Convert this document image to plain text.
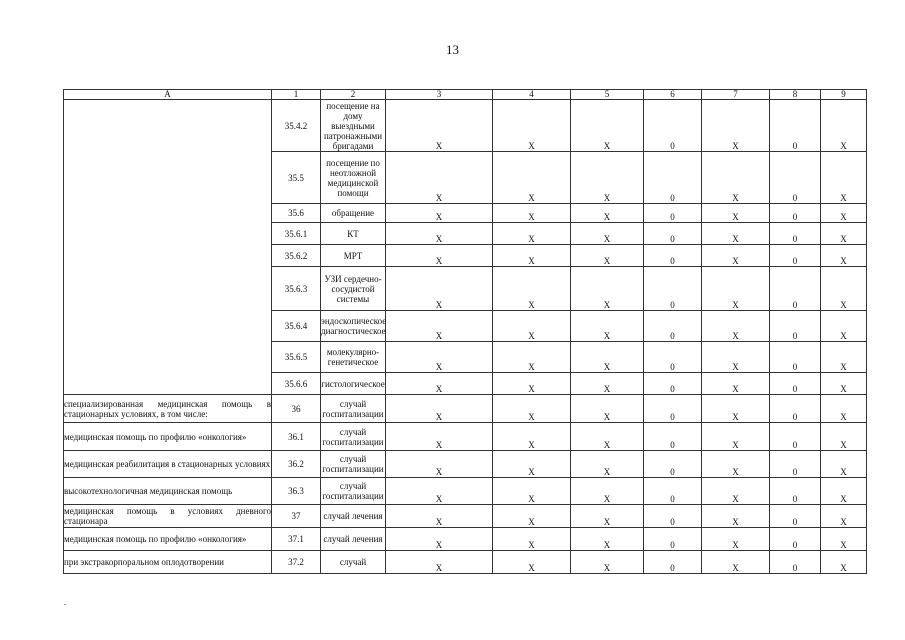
13
А	1	2	3	4	5	6	7	8	9
	35.4.2	посещение на дому выездными патронажными бригадами	Х	Х	Х	0	Х	0	Х
	35.5	посещение по неотложной медицинской помощи	Х	Х	Х	0	Х	0	Х
	35.6	обращение	Х	Х	Х	0	Х	0	Х
	35.6.1	КТ	Х	Х	Х	0	Х	0	Х
	35.6.2	МРТ	Х	Х	Х	0	Х	0	Х
	35.6.3	УЗИ сердечно-сосудистой системы	Х	Х	Х	0	Х	0	Х
	35.6.4	эндоскопическое диагностическое	Х	Х	Х	0	Х	0	Х
	35.6.5	молекулярно-генетическое	Х	Х	Х	0	Х	0	Х
	35.6.6	гистологическое	Х	Х	Х	0	Х	0	Х
специализированная медицинская помощь в стационарных условиях, в том числе:	36	случай госпитализации	Х	Х	Х	0	Х	0	Х
медицинская помощь по профилю «онкология»	36.1	случай госпитализации	Х	Х	Х	0	Х	0	Х
медицинская реабилитация в стационарных условиях	36.2	случай госпитализации	Х	Х	Х	0	Х	0	Х
высокотехнологичная медицинская помощь	36.3	случай госпитализации	Х	Х	Х	0	Х	0	Х
медицинская помощь в условиях дневного стационара	37	случай лечения	Х	Х	Х	0	Х	0	Х
медицинская помощь по профилю «онкология»	37.1	случай лечения	Х	Х	Х	0	Х	0	Х
при экстракорпоральном оплодотворении	37.2	случай	Х	Х	Х	0	Х	0	Х
